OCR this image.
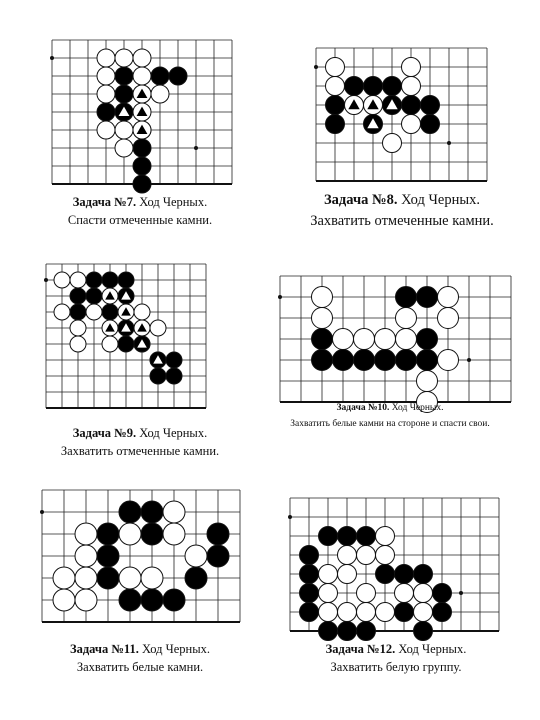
Задача №7. Ход Черных.
Спасти отмеченные камни.
Задача №8. Ход Черных.
Захватить отмеченные камни.
Задача №9. Ход Черных.
Захватить отмеченные камни.
Задача №10. Ход Черных.
Захватить белые камни на стороне и спасти свои.
Задача №11. Ход Черных.
Захватить белые камни.
Задача №12. Ход Черных.
Захватить белую группу.
